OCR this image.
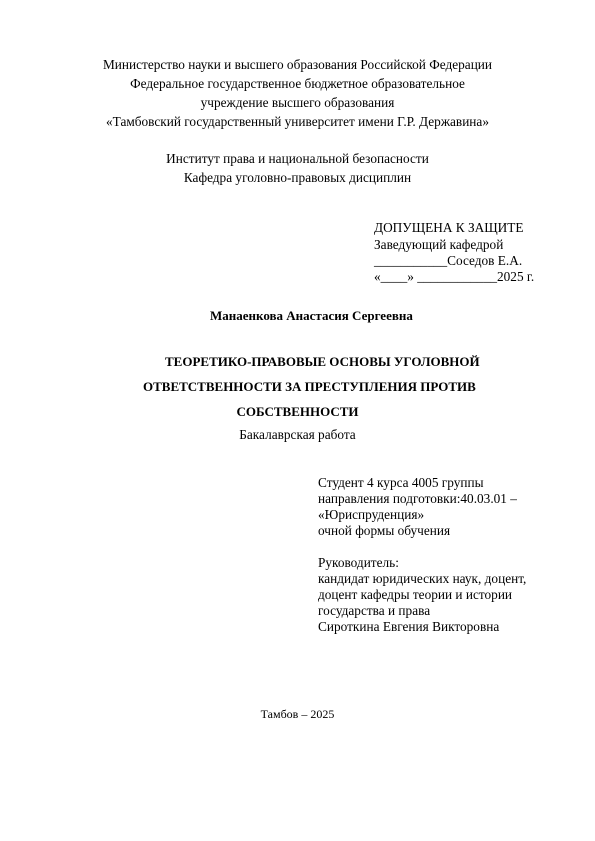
Министерство науки и высшего образования Российской Федерации
Федеральное государственное бюджетное образовательное
учреждение высшего образования
«Тамбовский государственный университет имени Г.Р. Державина»
Институт права и национальной безопасности
Кафедра уголовно-правовых дисциплин
ДОПУЩЕНА К ЗАЩИТЕ
Заведующий кафедрой
___________Соседов Е.А.
«____» ____________2025 г.
Манаенкова Анастасия Сергеевна
ТЕОРЕТИКО-ПРАВОВЫЕ ОСНОВЫ УГОЛОВНОЙ
ОТВЕТСТВЕННОСТИ ЗА ПРЕСТУПЛЕНИЯ ПРОТИВ
СОБСТВЕННОСТИ
Бакалаврская работа
Студент 4 курса 4005 группы
направления подготовки:40.03.01 –
«Юриспруденция»
очной формы обучения
Руководитель:
кандидат юридических наук, доцент,
доцент кафедры теории и истории
государства и права
Сироткина Евгения Викторовна
Тамбов – 2025
